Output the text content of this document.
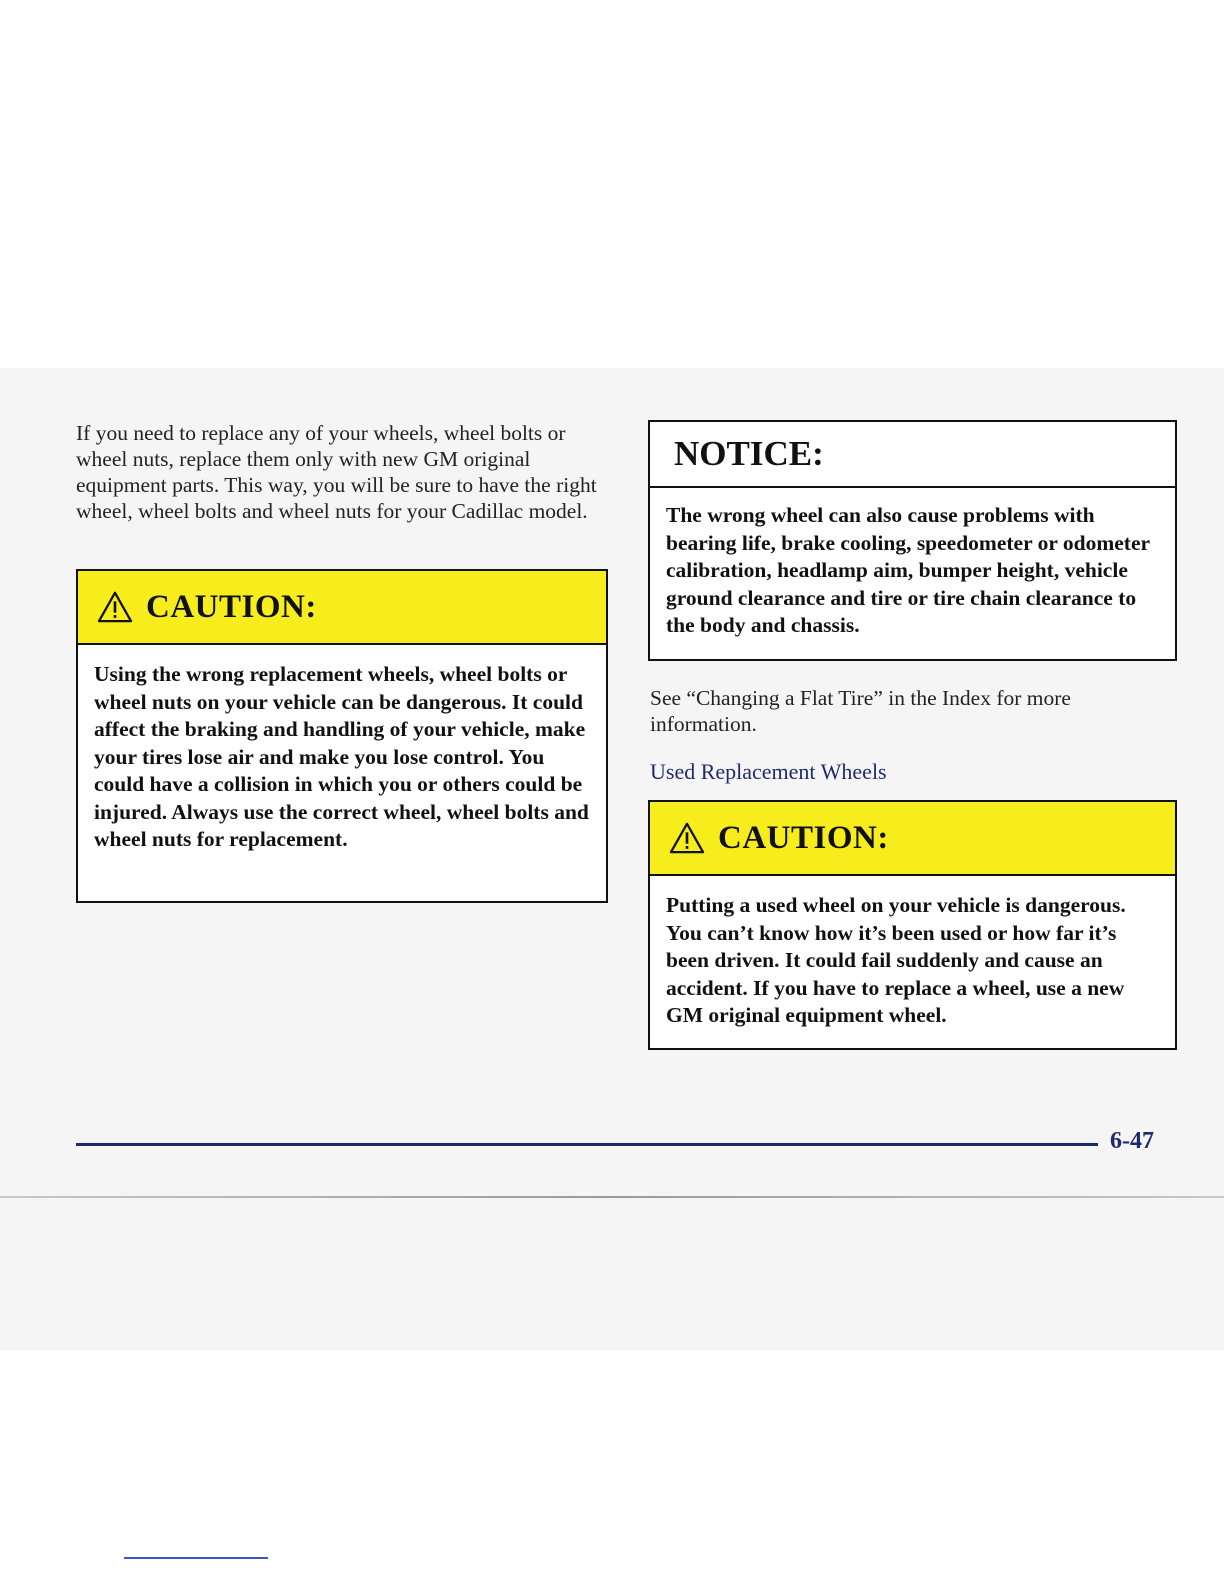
If you need to replace any of your wheels, wheel bolts or wheel nuts, replace them only with new GM original equipment parts. This way, you will be sure to have the right wheel, wheel bolts and wheel nuts for your Cadillac model.

CAUTION:

Using the wrong replacement wheels, wheel bolts or wheel nuts on your vehicle can be dangerous. It could affect the braking and handling of your vehicle, make your tires lose air and make you lose control. You could have a collision in which you or others could be injured. Always use the correct wheel, wheel bolts and wheel nuts for replacement.

NOTICE:

The wrong wheel can also cause problems with bearing life, brake cooling, speedometer or odometer calibration, headlamp aim, bumper height, vehicle ground clearance and tire or tire chain clearance to the body and chassis.

See “Changing a Flat Tire” in the Index for more information.

Used Replacement Wheels
CAUTION:

Putting a used wheel on your vehicle is dangerous. You can’t know how it’s been used or how far it’s been driven. It could fail suddenly and cause an accident. If you have to replace a wheel, use a new GM original equipment wheel.

6-47
